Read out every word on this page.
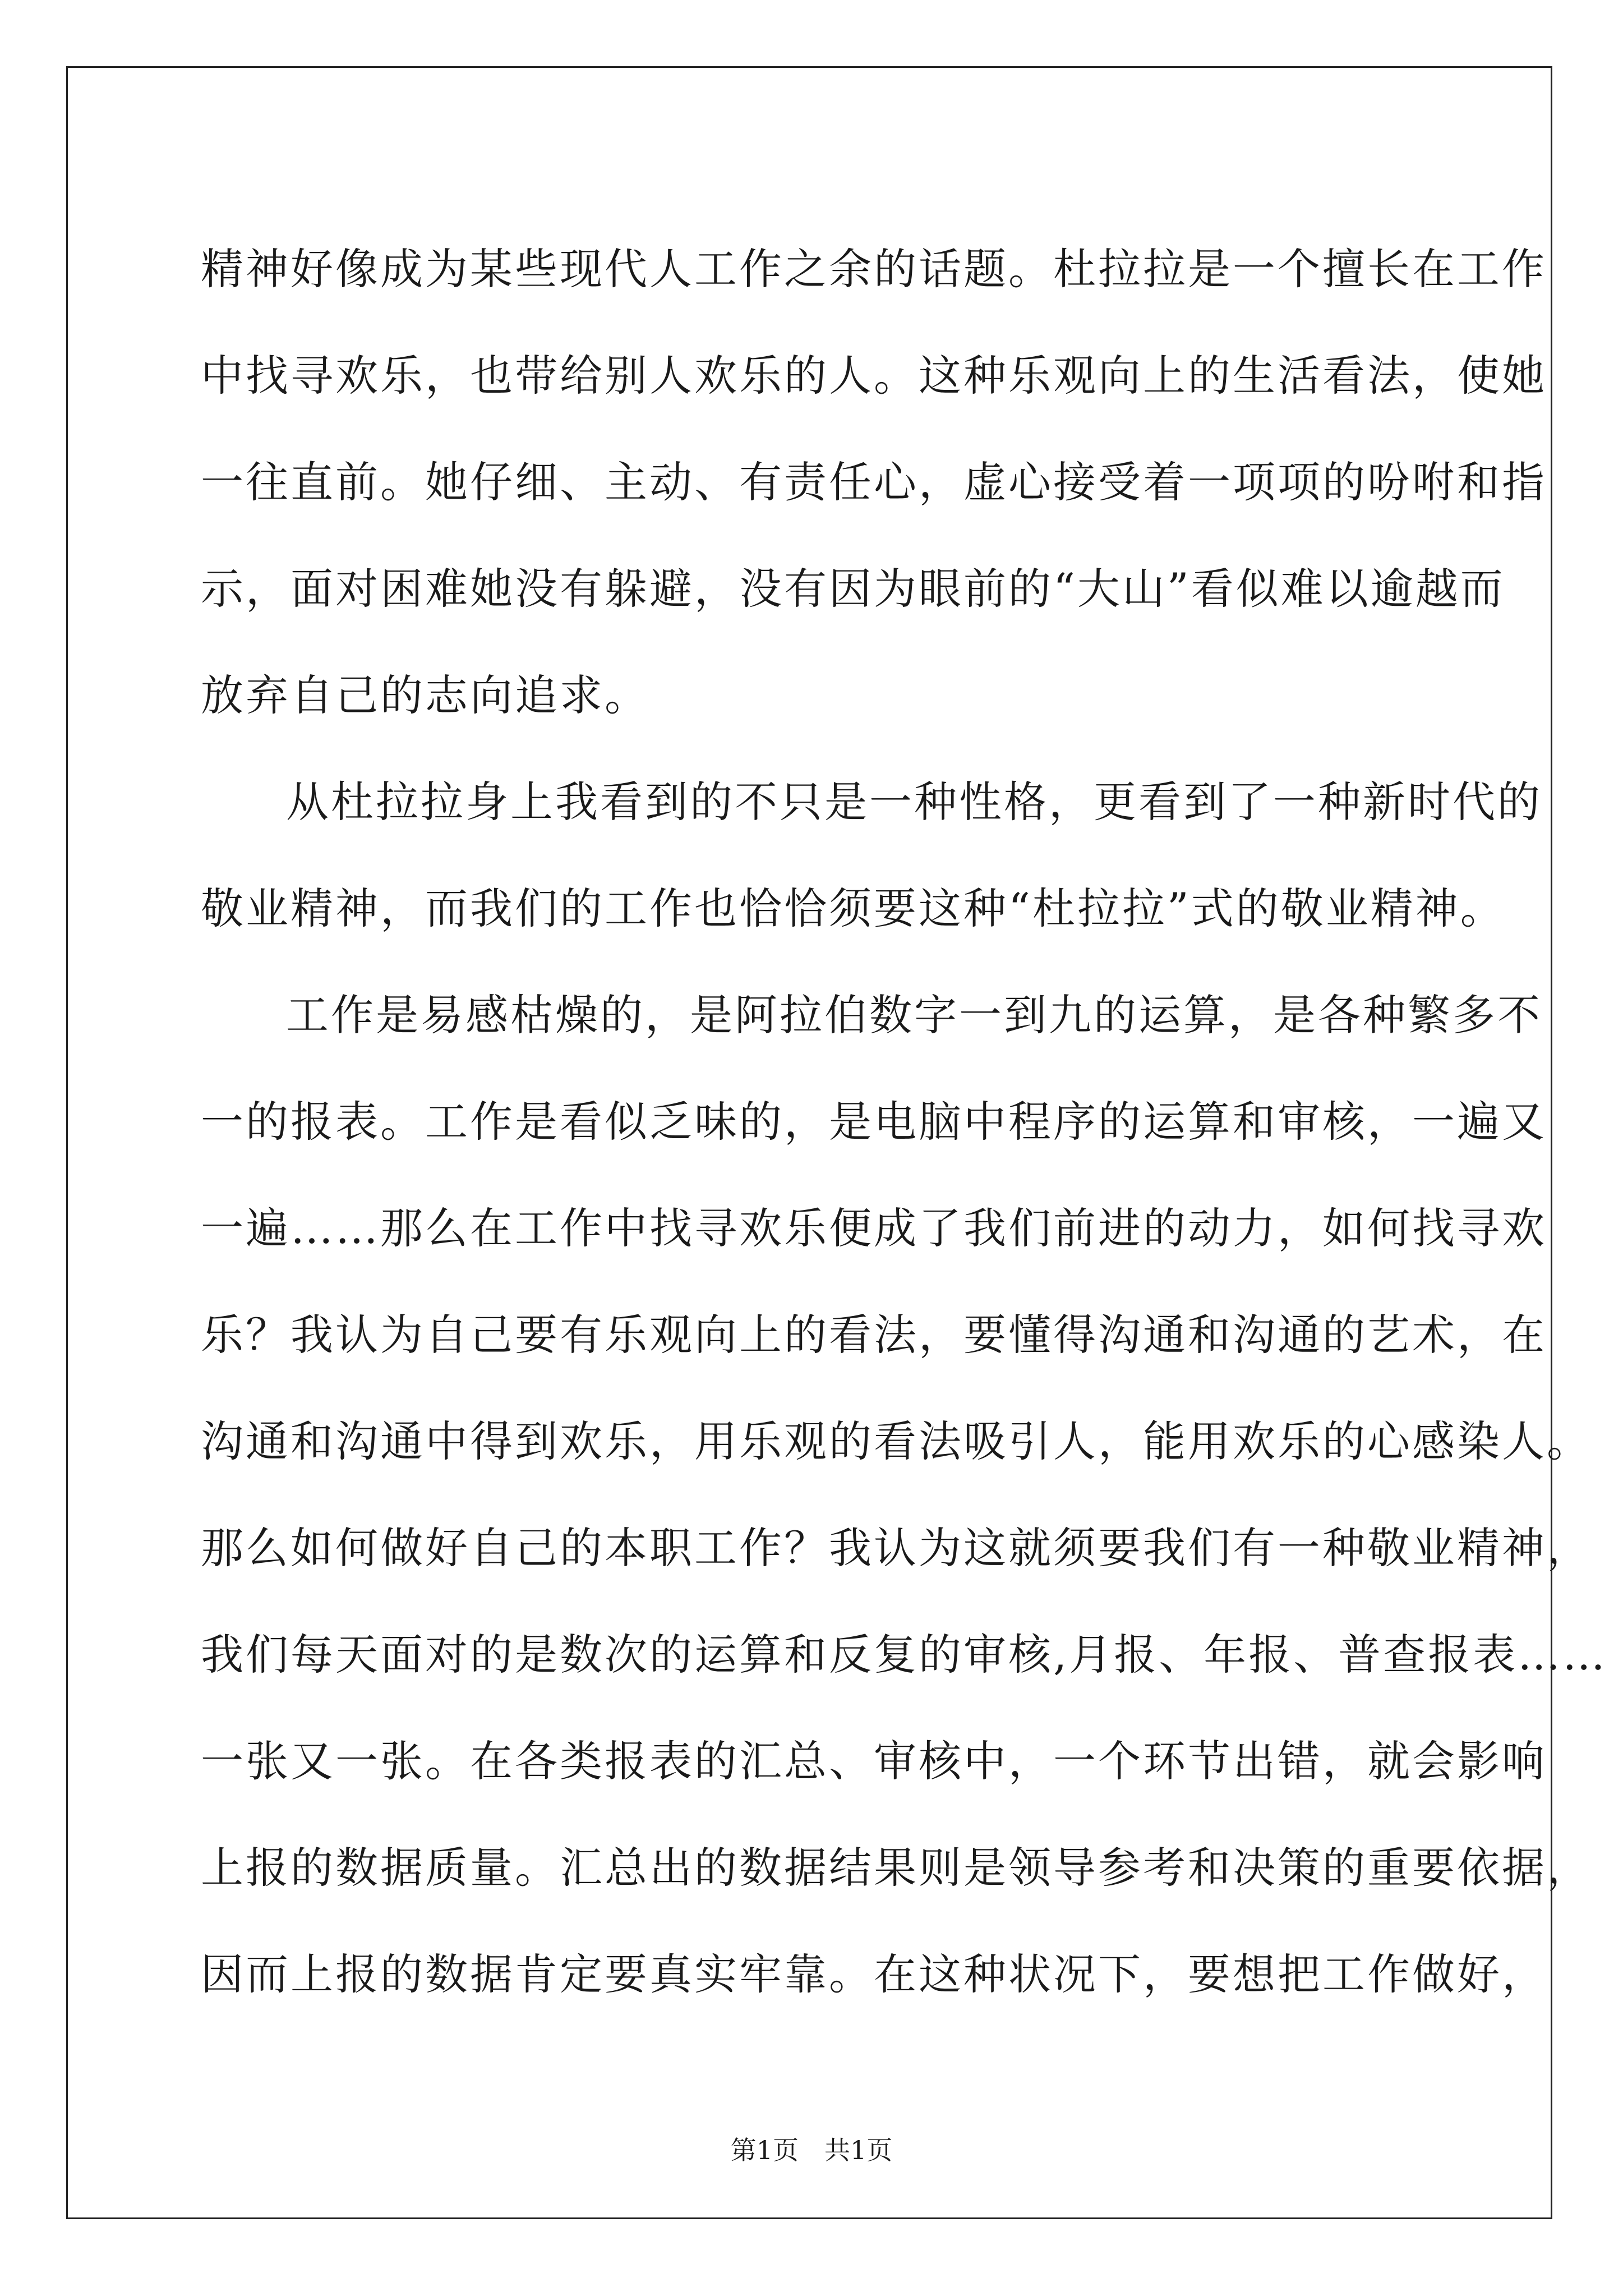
精神好像成为某些现代人工作之余的话题。杜拉拉是一个擅长在工作
中找寻欢乐，也带给别人欢乐的人。这种乐观向上的生活看法，使她
一往直前。她仔细、主动、有责任心，虚心接受着一项项的吩咐和指
示，面对困难她没有躲避，没有因为眼前的“大山”看似难以逾越而
放弃自己的志向追求。
从杜拉拉身上我看到的不只是一种性格，更看到了一种新时代的
敬业精神，而我们的工作也恰恰须要这种“杜拉拉”式的敬业精神。
工作是易感枯燥的，是阿拉伯数字一到九的运算，是各种繁多不
一的报表。工作是看似乏味的，是电脑中程序的运算和审核，一遍又
一遍……那么在工作中找寻欢乐便成了我们前进的动力，如何找寻欢
乐？我认为自己要有乐观向上的看法，要懂得沟通和沟通的艺术，在
沟通和沟通中得到欢乐，用乐观的看法吸引人，能用欢乐的心感染人。
那么如何做好自己的本职工作？我认为这就须要我们有一种敬业精神，
我们每天面对的是数次的运算和反复的审核,月报、年报、普查报表……
一张又一张。在各类报表的汇总、审核中，一个环节出错，就会影响
上报的数据质量。汇总出的数据结果则是领导参考和决策的重要依据，
因而上报的数据肯定要真实牢靠。在这种状况下，要想把工作做好，
第1页 共1页
